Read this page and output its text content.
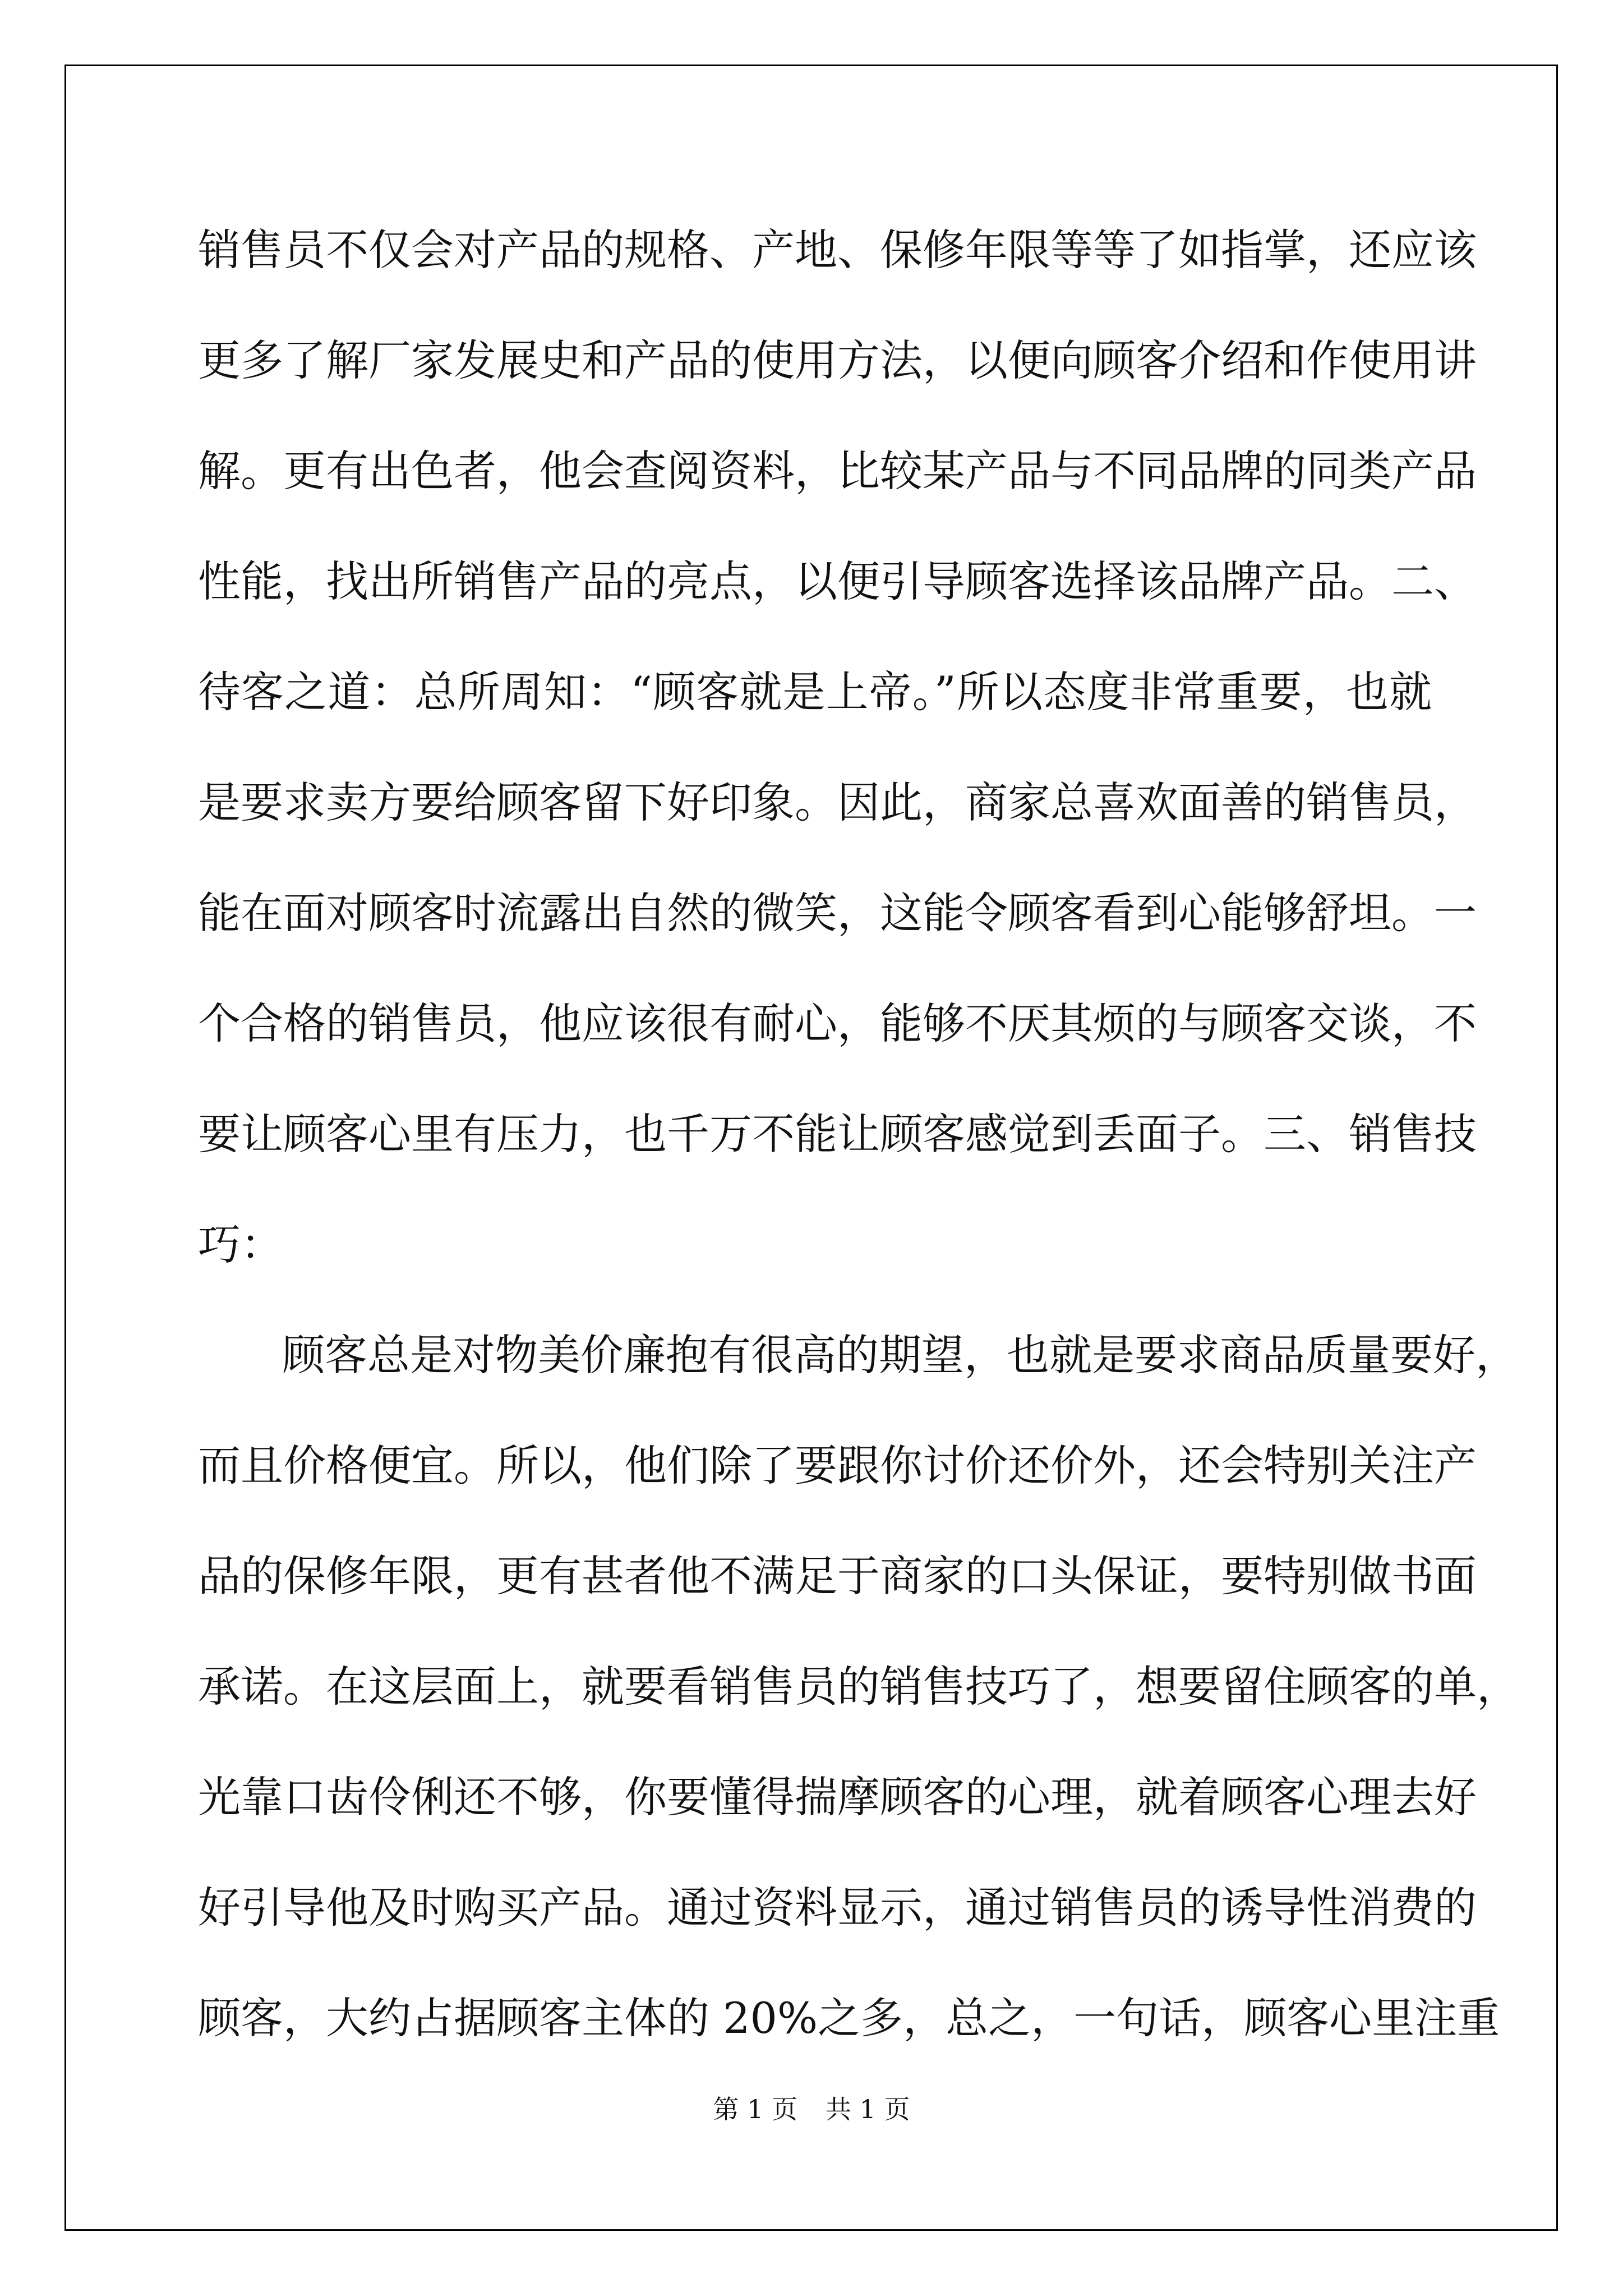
销售员不仅会对产品的规格、产地、保修年限等等了如指掌，还应该
更多了解厂家发展史和产品的使用方法，以便向顾客介绍和作使用讲
解。更有出色者，他会查阅资料，比较某产品与不同品牌的同类产品
性能，找出所销售产品的亮点，以便引导顾客选择该品牌产品。二、
待客之道：总所周知：“顾客就是上帝。”所以态度非常重要，也就
是要求卖方要给顾客留下好印象。因此，商家总喜欢面善的销售员，
能在面对顾客时流露出自然的微笑，这能令顾客看到心能够舒坦。一
个合格的销售员，他应该很有耐心，能够不厌其烦的与顾客交谈，不
要让顾客心里有压力，也千万不能让顾客感觉到丢面子。三、销售技
巧：
顾客总是对物美价廉抱有很高的期望，也就是要求商品质量要好，
而且价格便宜。所以，他们除了要跟你讨价还价外，还会特别关注产
品的保修年限，更有甚者他不满足于商家的口头保证，要特别做书面
承诺。在这层面上，就要看销售员的销售技巧了，想要留住顾客的单，
光靠口齿伶俐还不够，你要懂得揣摩顾客的心理，就着顾客心理去好
好引导他及时购买产品。通过资料显示，通过销售员的诱导性消费的
顾客，大约占据顾客主体的 20%之多，总之，一句话，顾客心里注重
第 1 页 共 1 页
